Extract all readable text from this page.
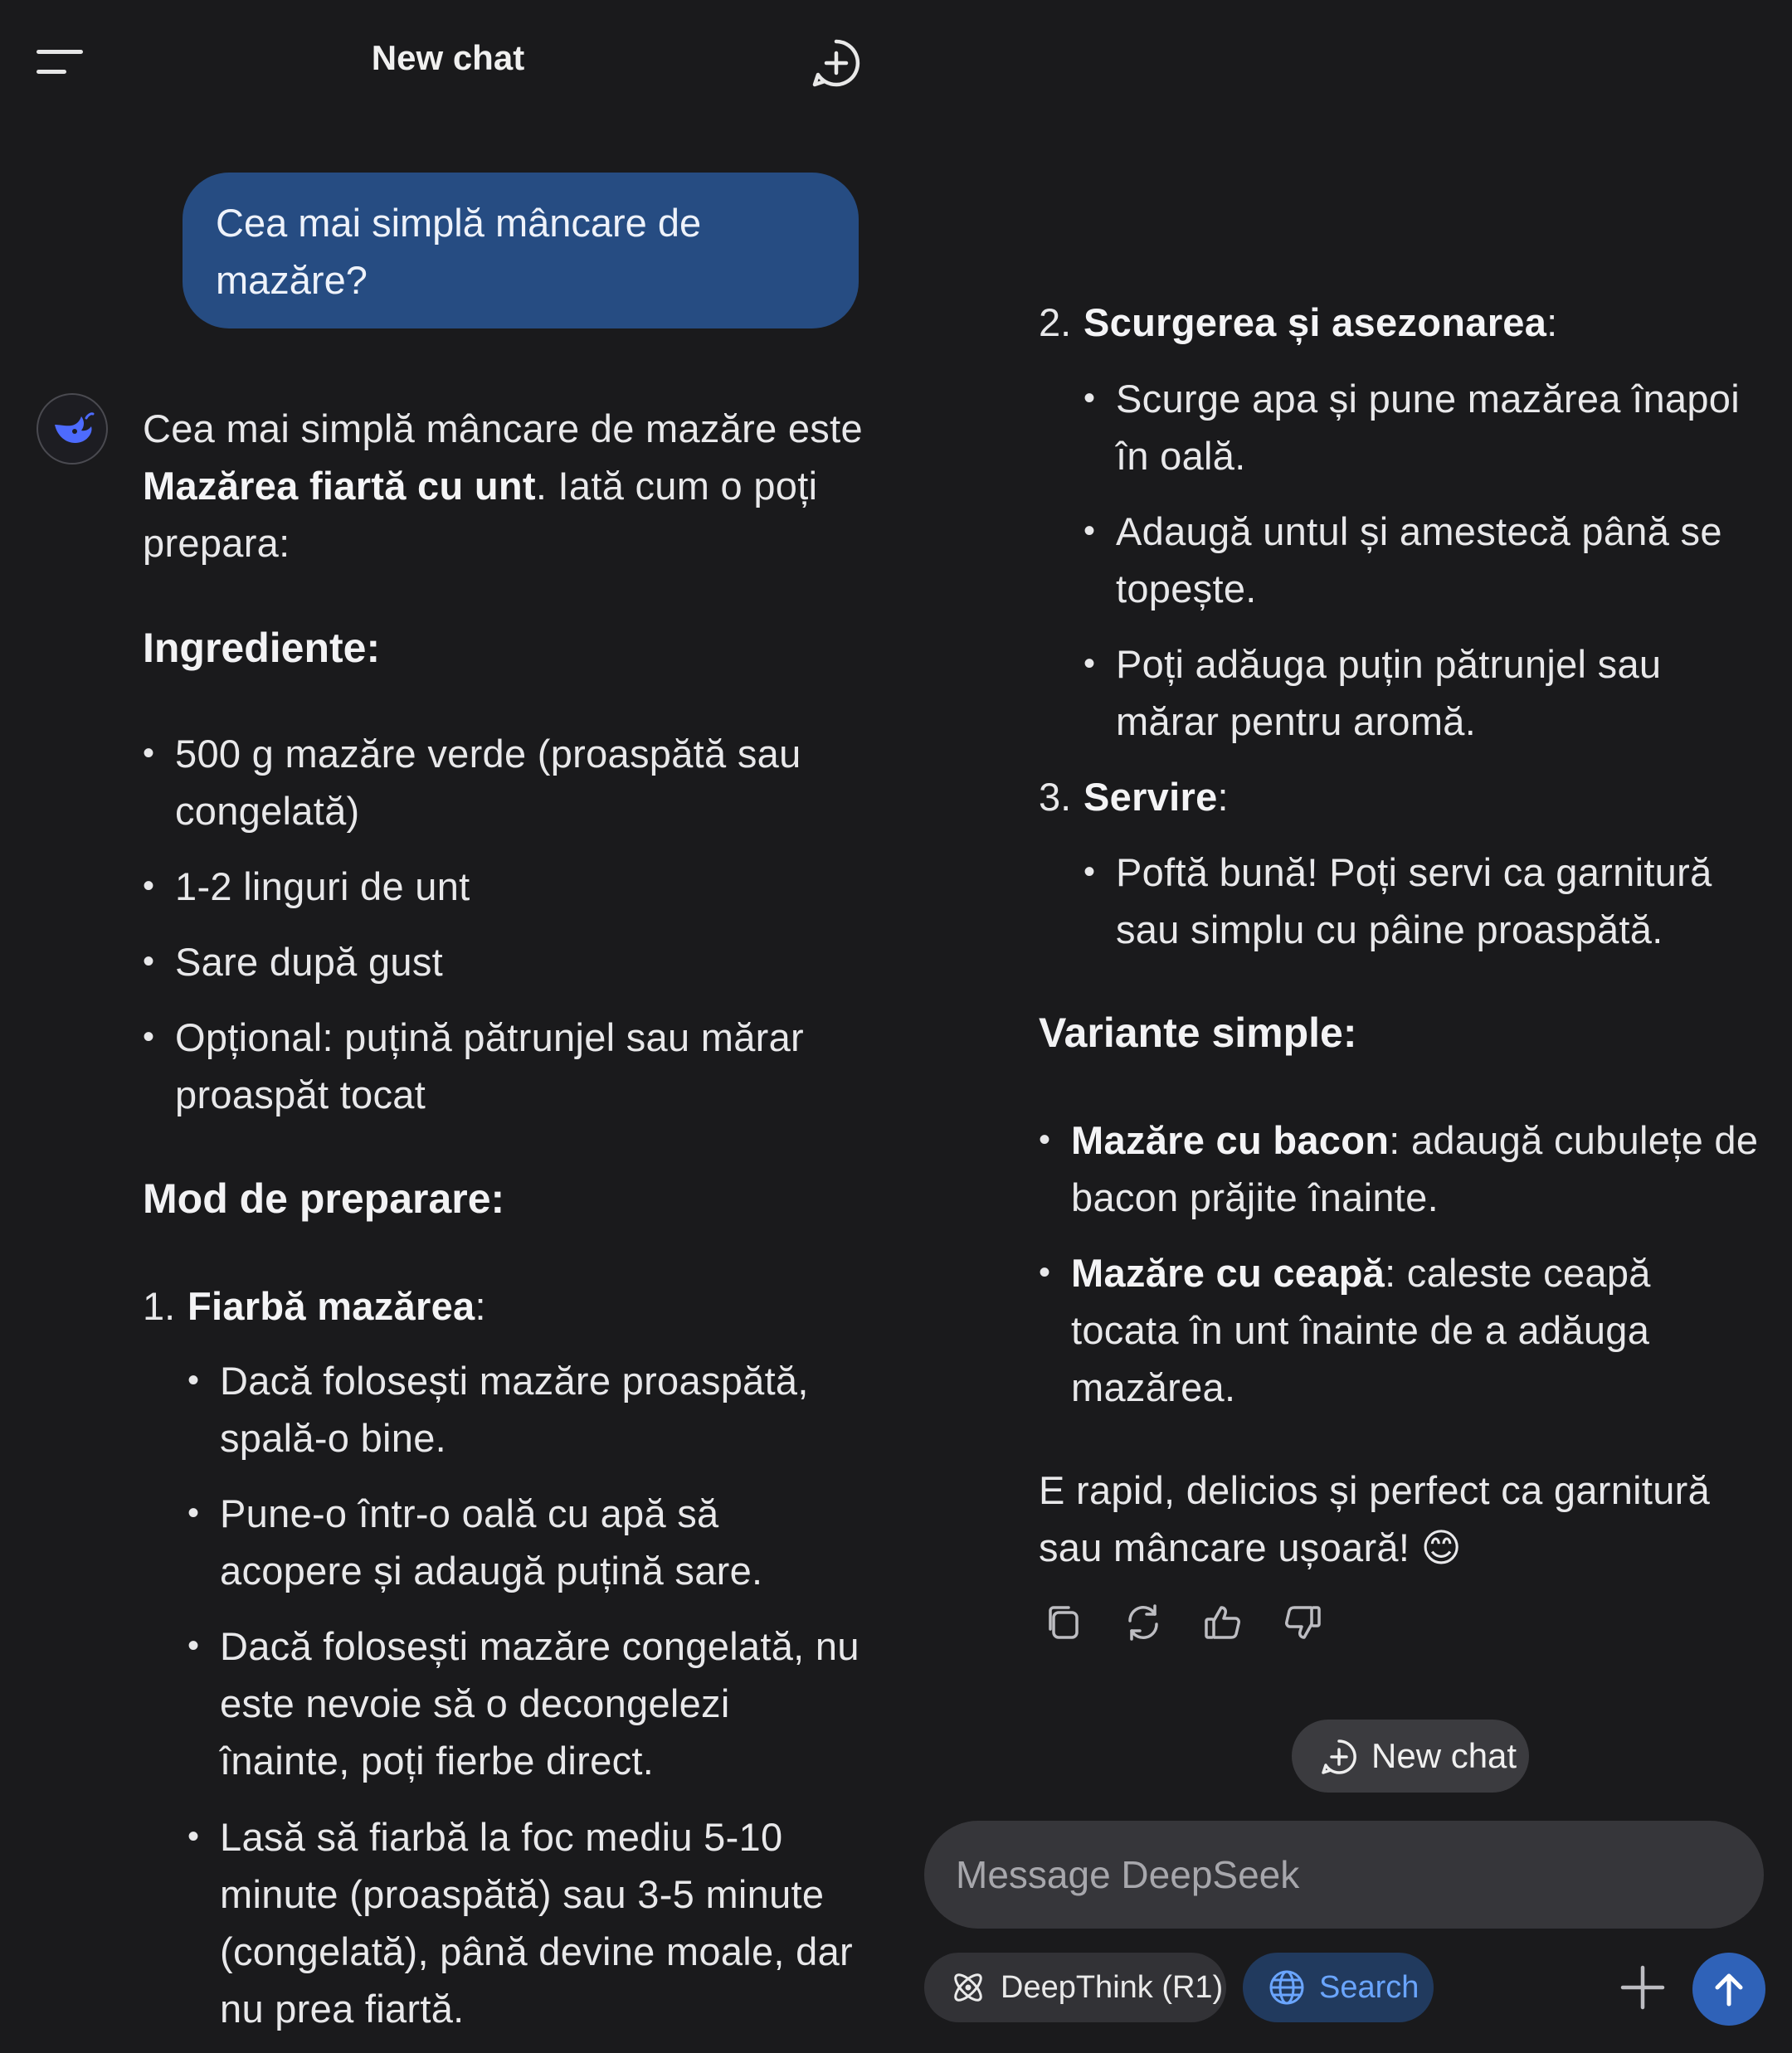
New chat
Cea mai simplă mâncare de mazăre?
Cea mai simplă mâncare de mazăre este Mazărea fiartă cu unt. Iată cum o poți prepara:
Ingrediente:
• 500 g mazăre verde (proaspătă sau congelată)
• 1-2 linguri de unt
• Sare după gust
• Opțional: puțină pătrunjel sau mărar proaspăt tocat
Mod de preparare:
1. Fiarbă mazărea:
• Dacă folosești mazăre proaspătă, spală-o bine.
• Pune-o într-o oală cu apă să acopere și adaugă puțină sare.
• Dacă folosești mazăre congelată, nu este nevoie să o decongelezi înainte, poți fierbe direct.
• Lasă să fiarbă la foc mediu 5-10 minute (proaspătă) sau 3-5 minute (congelată), până devine moale, dar nu prea fiartă.
2. Scurgerea și asezonarea:
• Scurge apa și pune mazărea înapoi în oală.
• Adaugă untul și amestecă până se topește.
• Poți adăuga puțin pătrunjel sau mărar pentru aromă.
3. Servire:
• Poftă bună! Poți servi ca garnitură sau simplu cu pâine proaspătă.
Variante simple:
• Mazăre cu bacon: adaugă cubulețe de bacon prăjite înainte.
• Mazăre cu ceapă: caleste ceapă tocata în unt înainte de a adăuga mazărea.
E rapid, delicios și perfect ca garnitură sau mâncare ușoară! 😊
New chat
Message DeepSeek
DeepThink (R1)	Search
